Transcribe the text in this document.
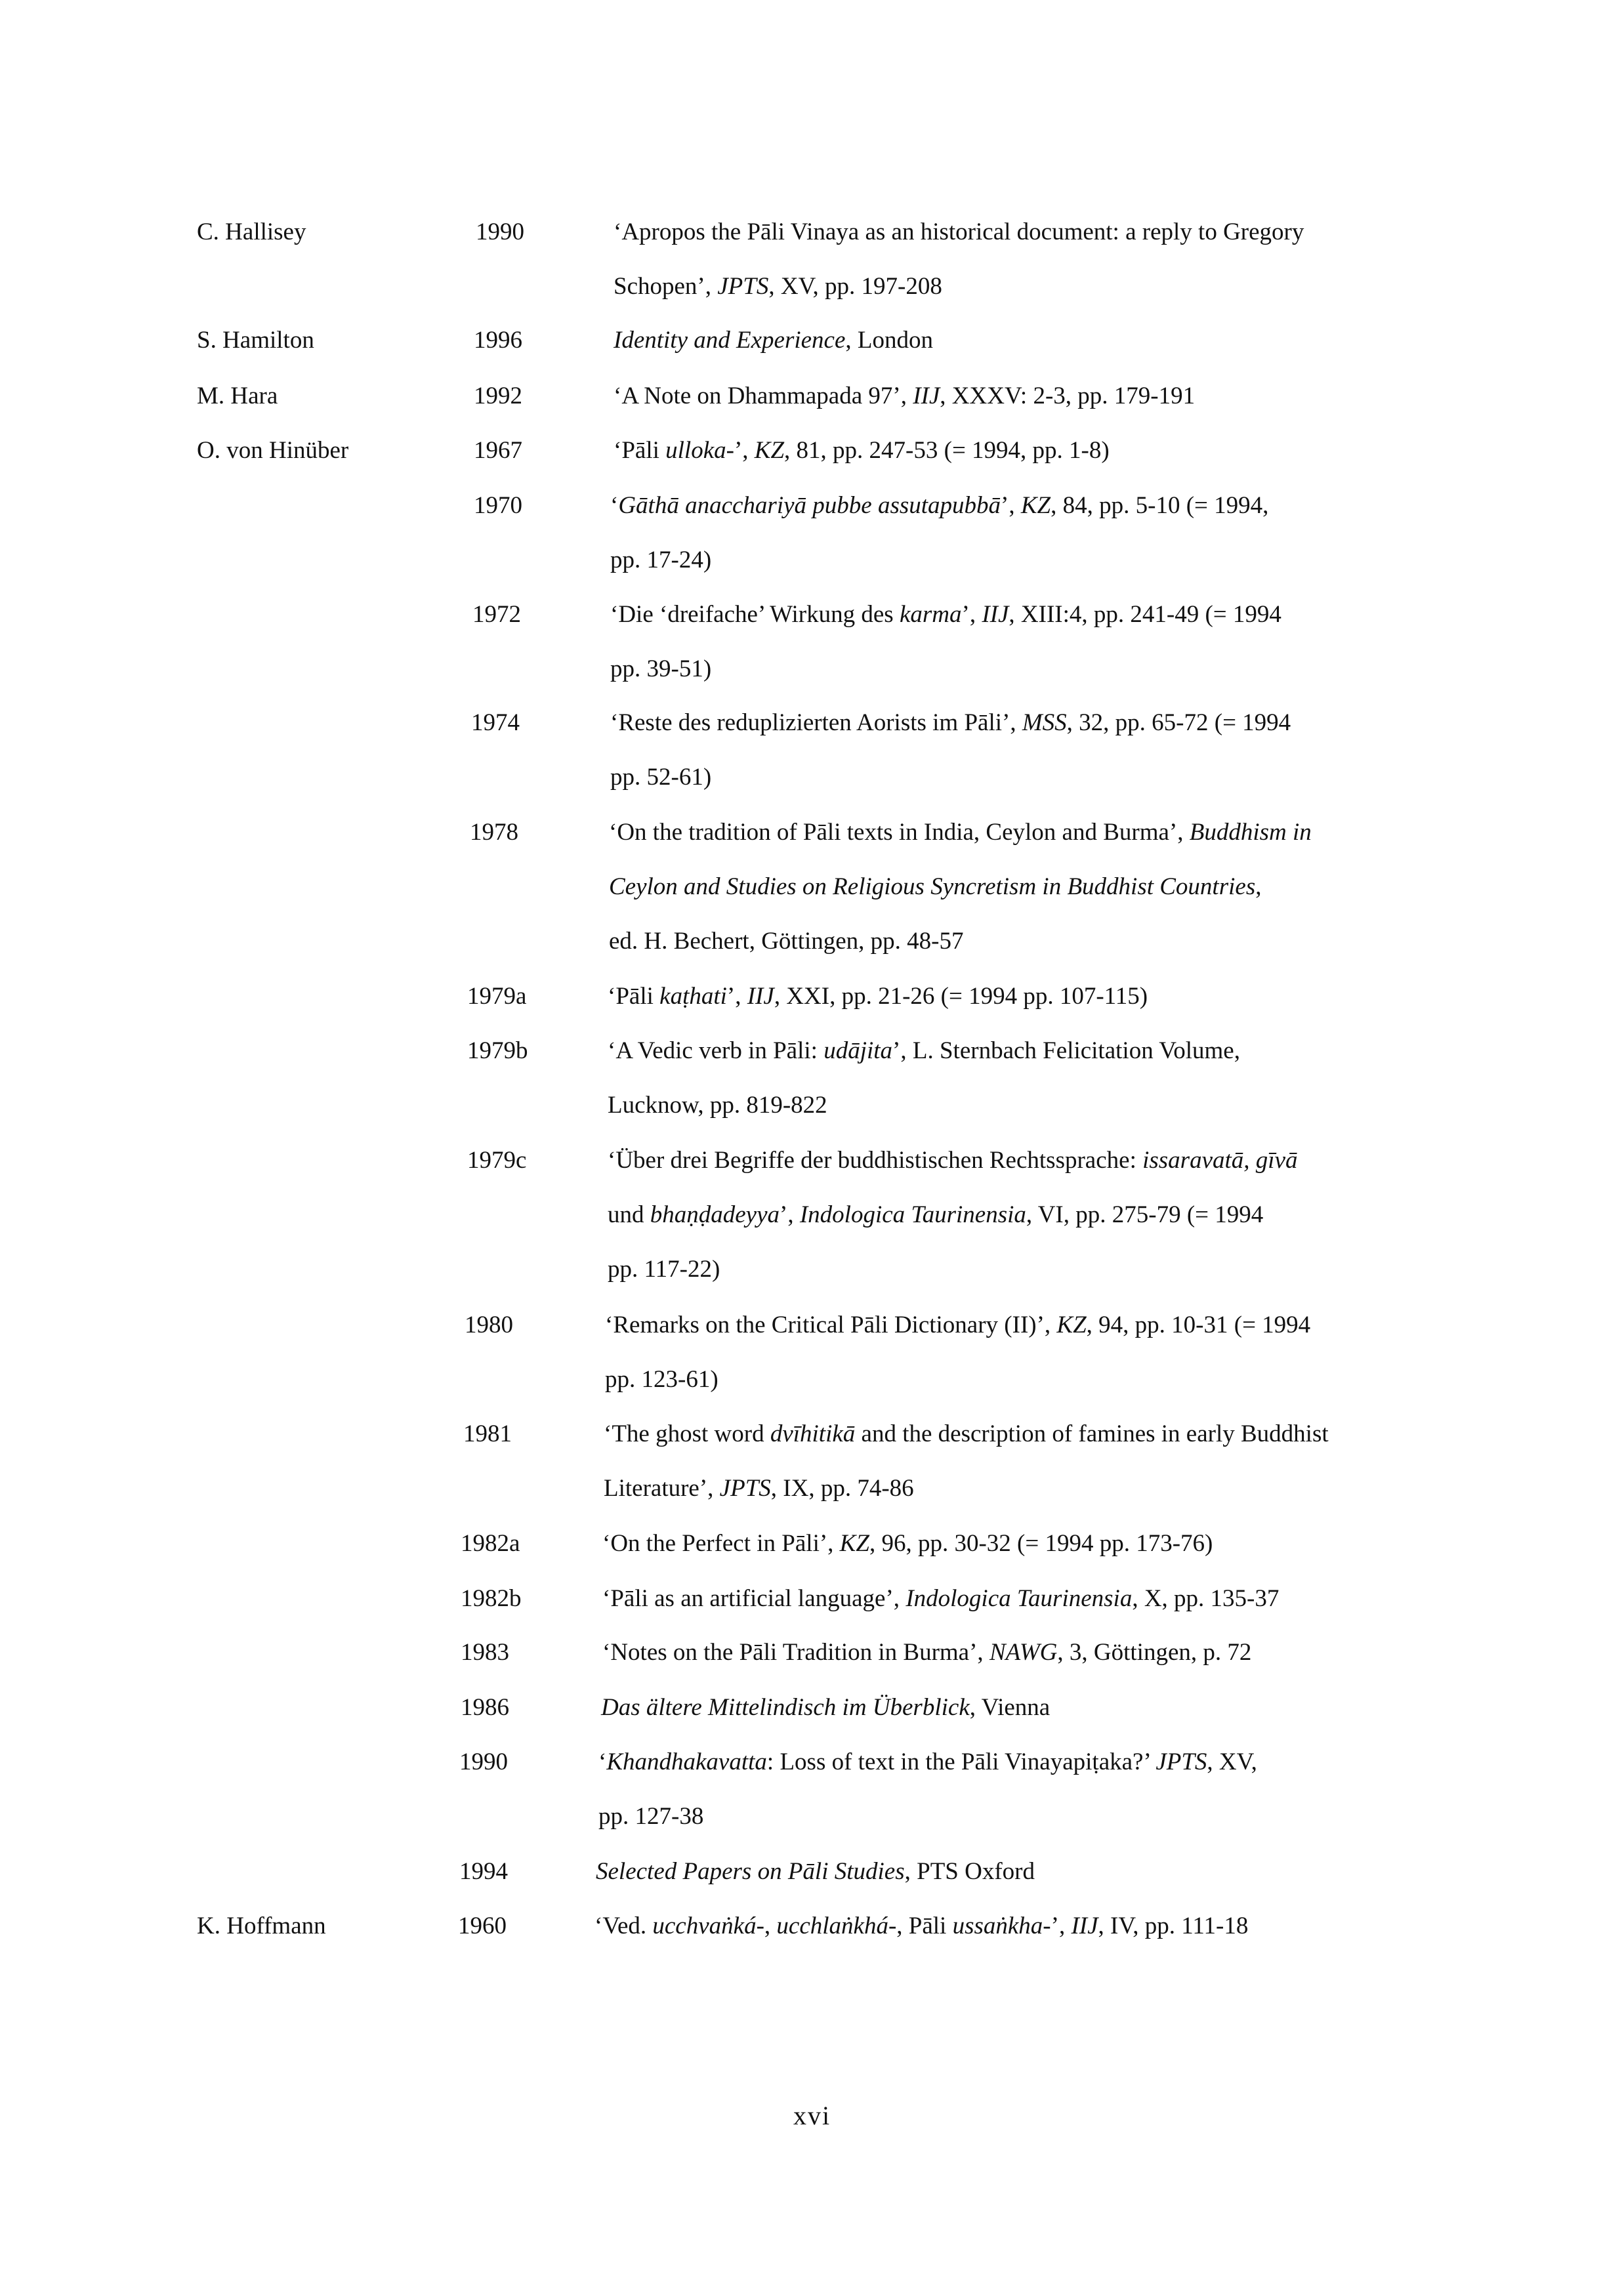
C. Hallisey	1990	‘Apropos the Pāli Vinaya as an historical document: a reply to Gregory
Schopen’, JPTS, XV, pp. 197-208
S. Hamilton	1996	Identity and Experience, London
M. Hara	1992	‘A Note on Dhammapada 97’, IIJ, XXXV: 2-3, pp. 179-191
O. von Hinüber	1967	‘Pāli ulloka-’, KZ, 81, pp. 247-53 (= 1994, pp. 1-8)
1970	‘Gāthā anacchariyā pubbe assutapubbā’, KZ, 84, pp. 5-10 (= 1994,
pp. 17-24)
1972	‘Die ‘dreifache’ Wirkung des karma’, IIJ, XIII:4, pp. 241-49 (= 1994
pp. 39-51)
1974	‘Reste des reduplizierten Aorists im Pāli’, MSS, 32, pp. 65-72 (= 1994
pp. 52-61)
1978	‘On the tradition of Pāli texts in India, Ceylon and Burma’, Buddhism in
Ceylon and Studies on Religious Syncretism in Buddhist Countries,
ed. H. Bechert, Göttingen, pp. 48-57
1979a	‘Pāli kaṭhati’, IIJ, XXI, pp. 21-26 (= 1994 pp. 107-115)
1979b	‘A Vedic verb in Pāli: udājita’, L. Sternbach Felicitation Volume,
Lucknow, pp. 819-822
1979c	‘Über drei Begriffe der buddhistischen Rechtssprache: issaravatā, gīvā
und bhaṇḍadeyya’, Indologica Taurinensia, VI, pp. 275-79 (= 1994
pp. 117-22)
1980	‘Remarks on the Critical Pāli Dictionary (II)’, KZ, 94, pp. 10-31 (= 1994
pp. 123-61)
1981	‘The ghost word dvīhitikā and the description of famines in early Buddhist
Literature’, JPTS, IX, pp. 74-86
1982a	‘On the Perfect in Pāli’, KZ, 96, pp. 30-32 (= 1994 pp. 173-76)
1982b	‘Pāli as an artificial language’, Indologica Taurinensia, X, pp. 135-37
1983	‘Notes on the Pāli Tradition in Burma’, NAWG, 3, Göttingen, p. 72
1986	Das ältere Mittelindisch im Überblick, Vienna
1990	‘Khandhakavatta: Loss of text in the Pāli Vinayapiṭaka?’ JPTS, XV,
pp. 127-38
1994	Selected Papers on Pāli Studies, PTS Oxford
K. Hoffmann	1960	‘Ved. ucchvaṅká-, ucchlaṅkhá-, Pāli ussaṅkha-’, IIJ, IV, pp. 111-18
xvi
